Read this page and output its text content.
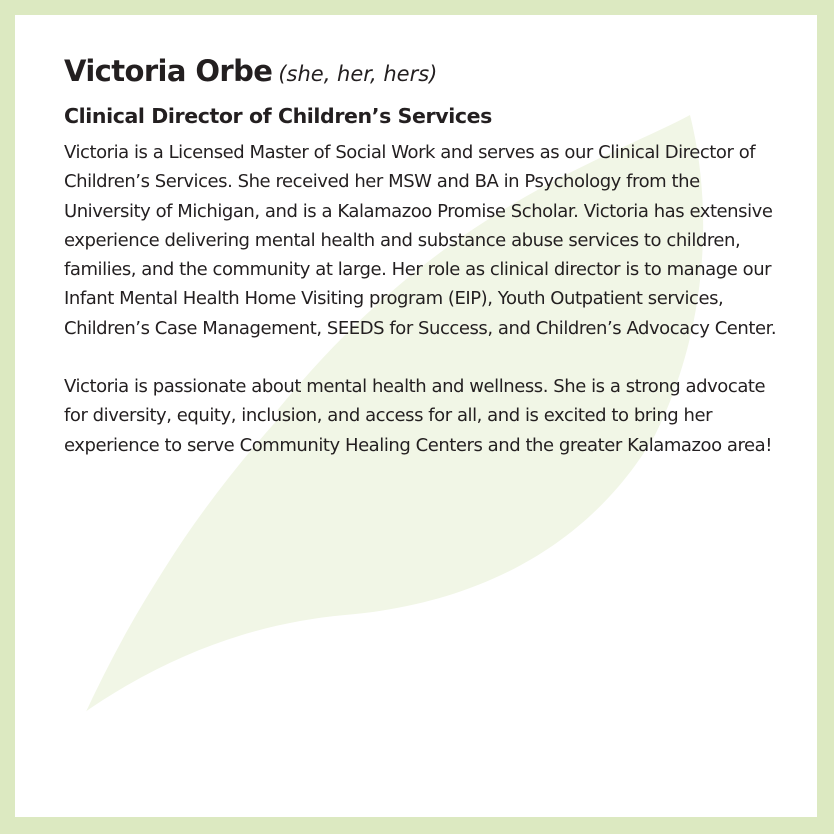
Victoria Orbe (she, her, hers)

Clinical Director of Children’s Services

Victoria is a Licensed Master of Social Work and serves as our Clinical Director of Children’s Services. She received her MSW and BA in Psychology from the University of Michigan, and is a Kalamazoo Promise Scholar. Victoria has extensive experience delivering mental health and substance abuse services to children, families, and the community at large. Her role as clinical director is to manage our Infant Mental Health Home Visiting program (EIP), Youth Outpatient services, Children’s Case Management, SEEDS for Success, and Children’s Advocacy Center.

Victoria is passionate about mental health and wellness. She is a strong advocate for diversity, equity, inclusion, and access for all, and is excited to bring her experience to serve Community Healing Centers and the greater Kalamazoo area!
